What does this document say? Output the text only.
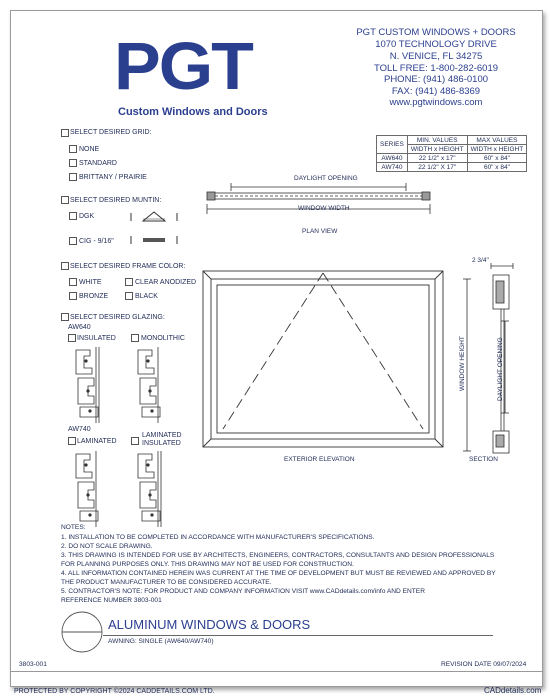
PGT
Custom Windows and Doors
PGT CUSTOM WINDOWS + DOORS
1070 TECHNOLOGY DRIVE
N. VENICE, FL 34275
TOLL FREE: 1-800-282-6019
PHONE: (941) 486-0100
FAX: (941) 486-8369
www.pgtwindows.com
SERIES	MIN. VALUES	MAX VALUES
	WIDTH x HEIGHT	WIDTH x HEIGHT
AW640	22 1/2" x 17"	60" x 84"
AW740	22 1/2" X 17"	60" x 84"
SELECT DESIRED GRID:
NONE
STANDARD
BRITTANY / PRAIRIE
SELECT DESIRED MUNTIN:
DGK
CIG - 9/16"
SELECT DESIRED FRAME COLOR:
WHITE	CLEAR ANODIZED
BRONZE	BLACK
SELECT DESIRED GLAZING:
AW640
INSULATED	MONOLITHIC
AW740
LAMINATED
LAMINATED
INSULATED
DAYLIGHT OPENING
WINDOW WIDTH
PLAN VIEW
EXTERIOR ELEVATION
2 3/4"
WINDOW HEIGHT	DAYLIGHT OPENING
SECTION
NOTES:
1. INSTALLATION TO BE COMPLETED IN ACCORDANCE WITH MANUFACTURER'S SPECIFICATIONS.
2. DO NOT SCALE DRAWING.
3. THIS DRAWING IS INTENDED FOR USE BY ARCHITECTS, ENGINEERS, CONTRACTORS, CONSULTANTS AND DESIGN PROFESSIONALS
FOR PLANNING PURPOSES ONLY. THIS DRAWING MAY NOT BE USED FOR CONSTRUCTION.
4. ALL INFORMATION CONTAINED HEREIN WAS CURRENT AT THE TIME OF DEVELOPMENT BUT MUST BE REVIEWED AND APPROVED BY
THE PRODUCT MANUFACTURER TO BE CONSIDERED ACCURATE.
5. CONTRACTOR'S NOTE: FOR PRODUCT AND COMPANY INFORMATION VISIT www.CADdetails.com/info AND ENTER
REFERENCE NUMBER 3803-001
ALUMINUM WINDOWS & DOORS
AWNING: SINGLE (AW640/AW740)
3803-001	REVISION DATE 09/07/2024
PROTECTED BY COPYRIGHT ©2024 CADDETAILS.COM LTD.	CADdetails.com
